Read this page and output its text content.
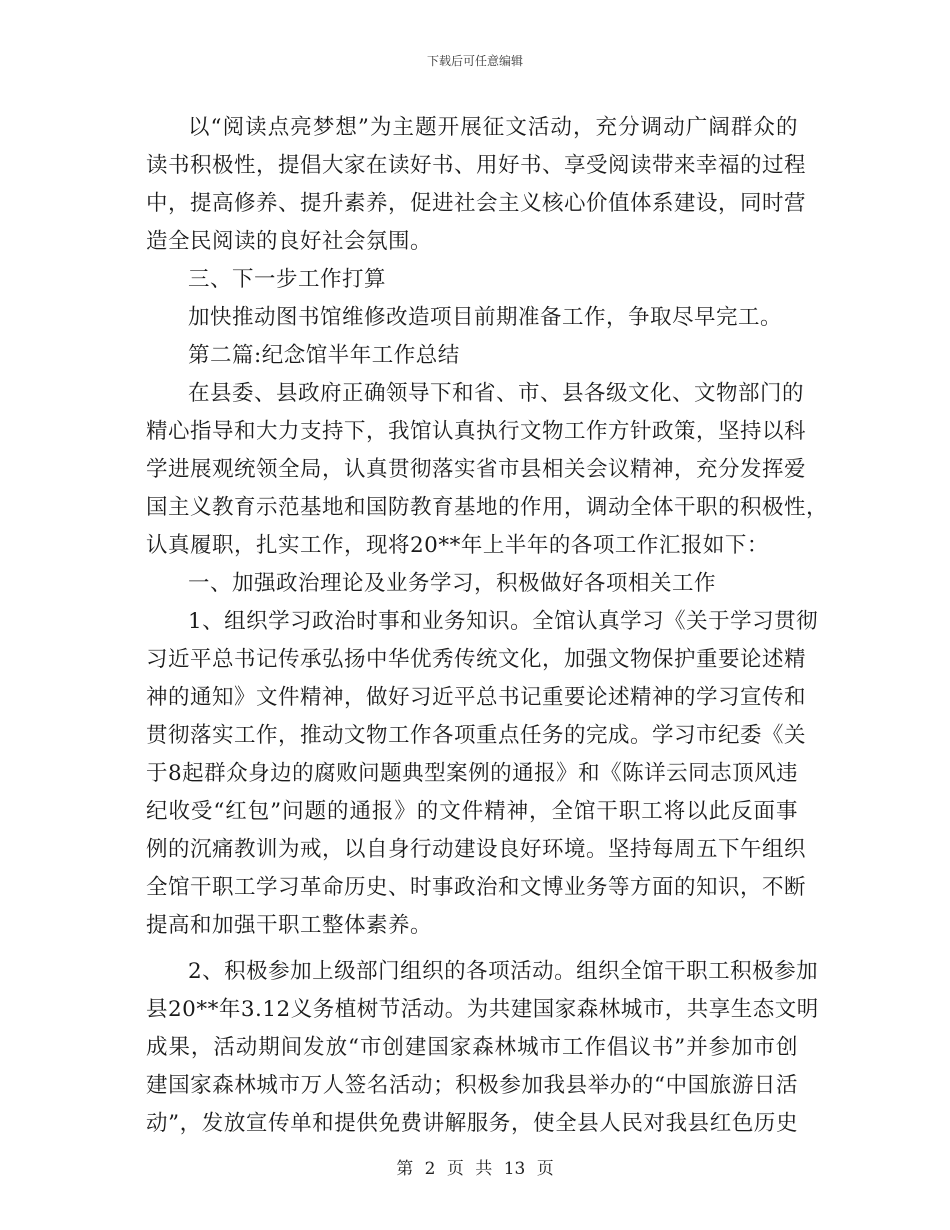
下载后可任意编辑
以“阅读点亮梦想”为主题开展征文活动，充分调动广阔群众的
读书积极性，提倡大家在读好书、用好书、享受阅读带来幸福的过程
中，提高修养、提升素养，促进社会主义核心价值体系建设，同时营
造全民阅读的良好社会氛围。
三、下一步工作打算
加快推动图书馆维修改造项目前期准备工作，争取尽早完工。
第二篇:纪念馆半年工作总结
在县委、县政府正确领导下和省、市、县各级文化、文物部门的
精心指导和大力支持下，我馆认真执行文物工作方针政策，坚持以科
学进展观统领全局，认真贯彻落实省市县相关会议精神，充分发挥爱
国主义教育示范基地和国防教育基地的作用，调动全体干职的积极性，
认真履职，扎实工作，现将20**年上半年的各项工作汇报如下：
一、加强政治理论及业务学习，积极做好各项相关工作
1、组织学习政治时事和业务知识。全馆认真学习《关于学习贯彻
习近平总书记传承弘扬中华优秀传统文化，加强文物保护重要论述精
神的通知》文件精神，做好习近平总书记重要论述精神的学习宣传和
贯彻落实工作，推动文物工作各项重点任务的完成。学习市纪委《关
于8起群众身边的腐败问题典型案例的通报》和《陈详云同志顶风违
纪收受“红包”问题的通报》的文件精神，全馆干职工将以此反面事
例的沉痛教训为戒，以自身行动建设良好环境。坚持每周五下午组织
全馆干职工学习革命历史、时事政治和文博业务等方面的知识，不断
提高和加强干职工整体素养。
2、积极参加上级部门组织的各项活动。组织全馆干职工积极参加
县20**年3.12义务植树节活动。为共建国家森林城市，共享生态文明
成果，活动期间发放“市创建国家森林城市工作倡议书”并参加市创
建国家森林城市万人签名活动；积极参加我县举办的“中国旅游日活
动”，发放宣传单和提供免费讲解服务，使全县人民对我县红色历史
第 2 页 共 13 页
